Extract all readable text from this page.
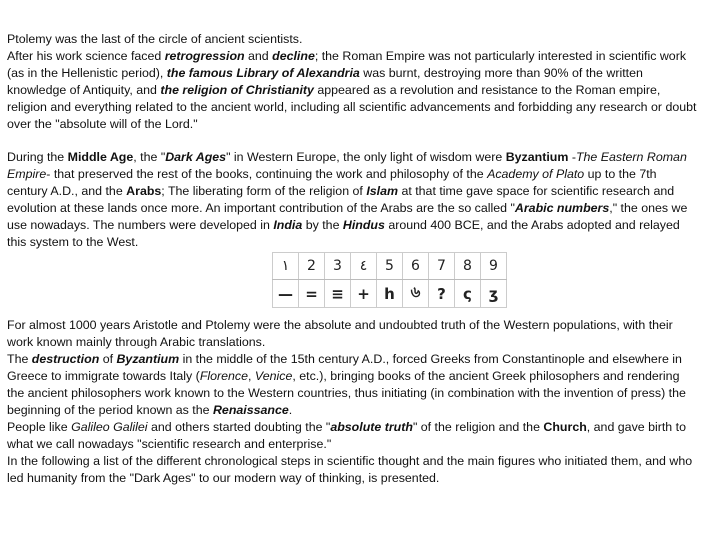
Ptolemy was the last of the circle of ancient scientists.

After his work science faced retrogression and decline; the Roman Empire was not particularly interested in scientific work (as in the Hellenistic period), the famous Library of Alexandria was burnt, destroying more than 90% of the written knowledge of Antiquity, and the religion of Christianity appeared as a revolution and resistance to the Roman empire, religion and everything related to the ancient world, including all scientific advancements and forbidding any research or doubt over the "absolute will of the Lord."

During the Middle Age, the "Dark Ages" in Western Europe, the only light of wisdom were Byzantium -The Eastern Roman Empire- that preserved the rest of the books, continuing the work and philosophy of the Academy of Plato up to the 7th century A.D., and the Arabs; The liberating form of the religion of Islam at that time gave space for scientific research and evolution at these lands once more. An important contribution of the Arabs are the so called "Arabic numbers," the ones we use nowadays. The numbers were developed in India by the Hindus around 400 BCE, and the Arabs adopted and relayed this system to the West.

١	2	3	٤	5	6	7	8	9
—	=	≡	+	h	৬	?	ς	ʒ

For almost 1000 years Aristotle and Ptolemy were the absolute and undoubted truth of the Western populations, with their work known mainly through Arabic translations.

The destruction of Byzantium in the middle of the 15th century A.D., forced Greeks from Constantinople and elsewhere in Greece to immigrate towards Italy (Florence, Venice, etc.), bringing books of the ancient Greek philosophers and rendering the ancient philosophers work known to the Western countries, thus initiating (in combination with the invention of press) the beginning of the period known as the Renaissance.

People like Galileo Galilei and others started doubting the "absolute truth" of the religion and the Church, and gave birth to what we call nowadays "scientific research and enterprise."

In the following a list of the different chronological steps in scientific thought and the main figures who initiated them, and who led humanity from the "Dark Ages" to our modern way of thinking, is presented.
